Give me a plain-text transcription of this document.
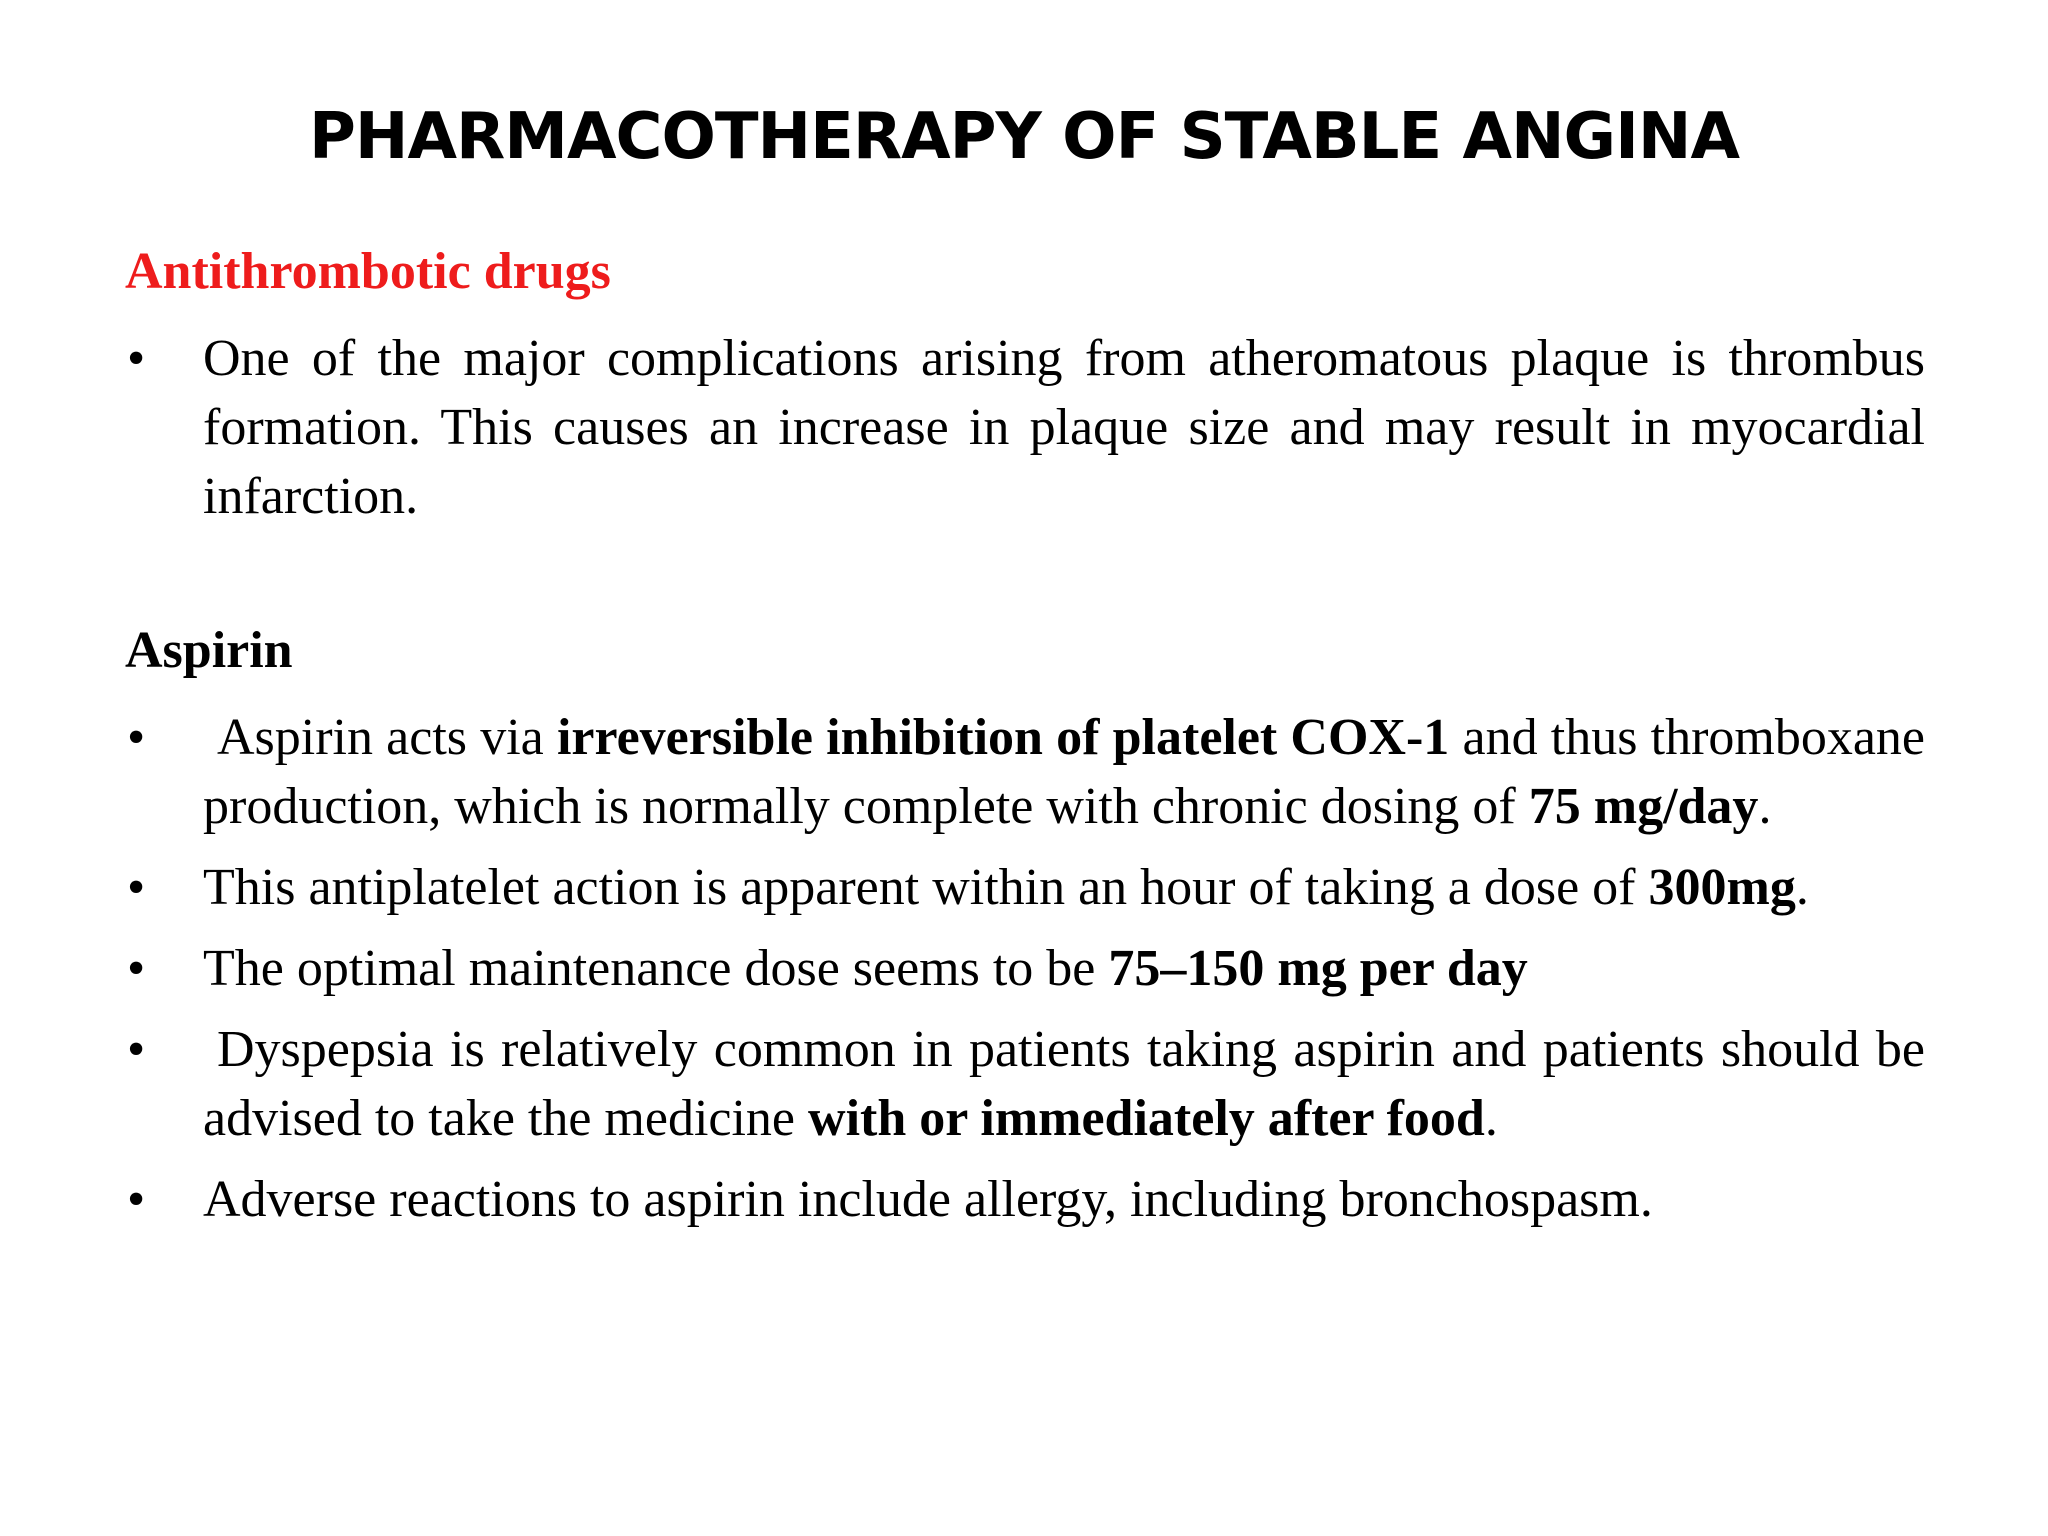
PHARMACOTHERAPY OF STABLE ANGINA
Antithrombotic drugs
•	One of the major complications arising from atheromatous plaque is thrombus formation. This causes an increase in plaque size and may result in myocardial infarction.
Aspirin
•	Aspirin acts via irreversible inhibition of platelet COX-1 and thus thromboxane production, which is normally complete with chronic dosing of 75 mg/day.
•	This antiplatelet action is apparent within an hour of taking a dose of 300mg.
•	The optimal maintenance dose seems to be 75–150 mg per day
•	Dyspepsia is relatively common in patients taking aspirin and patients should be advised to take the medicine with or immediately after food.
•	Adverse reactions to aspirin include allergy, including bronchospasm.
